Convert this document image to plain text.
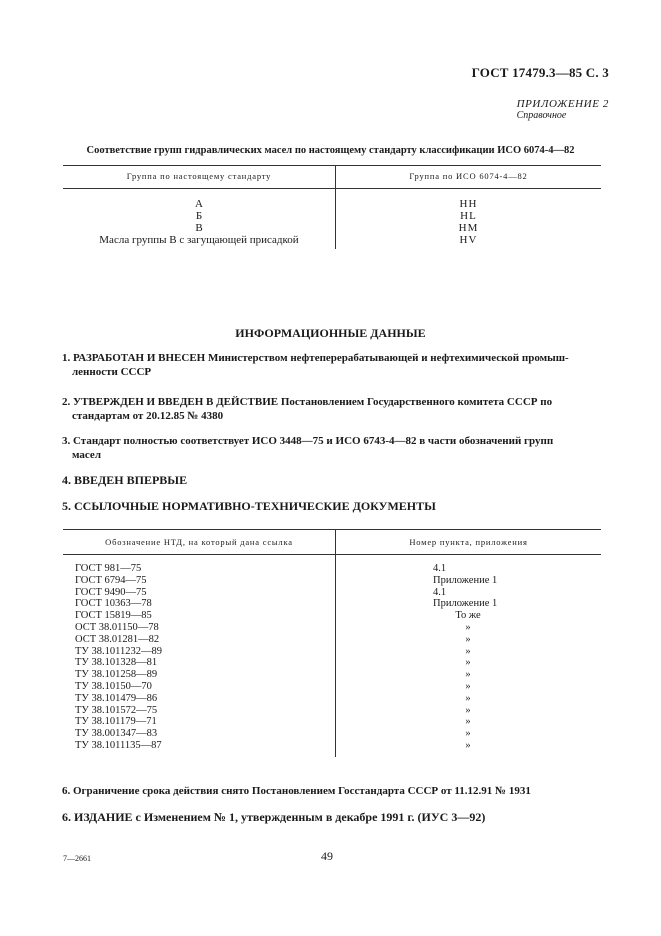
ГОСТ 17479.3—85 С. 3
ПРИЛОЖЕНИЕ 2
Справочное
Соответствие групп гидравлических масел по настоящему стандарту классификации ИСО 6074-4—82
Группа по настоящему стандарту	Группа по ИСО 6074-4—82
А	HH
Б	HL
В	HM
Масла группы В с загущающей присадкой	HV
ИНФОРМАЦИОННЫЕ ДАННЫЕ
1. РАЗРАБОТАН И ВНЕСЕН Министерством нефтеперерабатывающей и нефтехимической промыш-
ленности СССР
2. УТВЕРЖДЕН И ВВЕДЕН В ДЕЙСТВИЕ Постановлением Государственного комитета СССР по
стандартам от 20.12.85 № 4380
3. Стандарт полностью соответствует ИСО 3448—75 и ИСО 6743-4—82 в части обозначений групп
масел
4. ВВЕДЕН ВПЕРВЫЕ
5. ССЫЛОЧНЫЕ НОРМАТИВНО-ТЕХНИЧЕСКИЕ ДОКУМЕНТЫ
Обозначение НТД, на который дана ссылка	Номер пункта, приложения
ГОСТ 981—75	4.1
ГОСТ 6794—75	Приложение 1
ГОСТ 9490—75	4.1
ГОСТ 10363—78	Приложение 1
ГОСТ 15819—85	То же
ОСТ 38.01150—78	»
ОСТ 38.01281—82	»
ТУ 38.1011232—89	»
ТУ 38.101328—81	»
ТУ 38.101258—89	»
ТУ 38.10150—70	»
ТУ 38.101479—86	»
ТУ 38.101572—75	»
ТУ 38.101179—71	»
ТУ 38.001347—83	»
ТУ 38.1011135—87	»
6. Ограничение срока действия снято Постановлением Госстандарта СССР от 11.12.91 № 1931
6. ИЗДАНИЕ с Изменением № 1, утвержденным в декабре 1991 г. (ИУС 3—92)
7—2661	49
